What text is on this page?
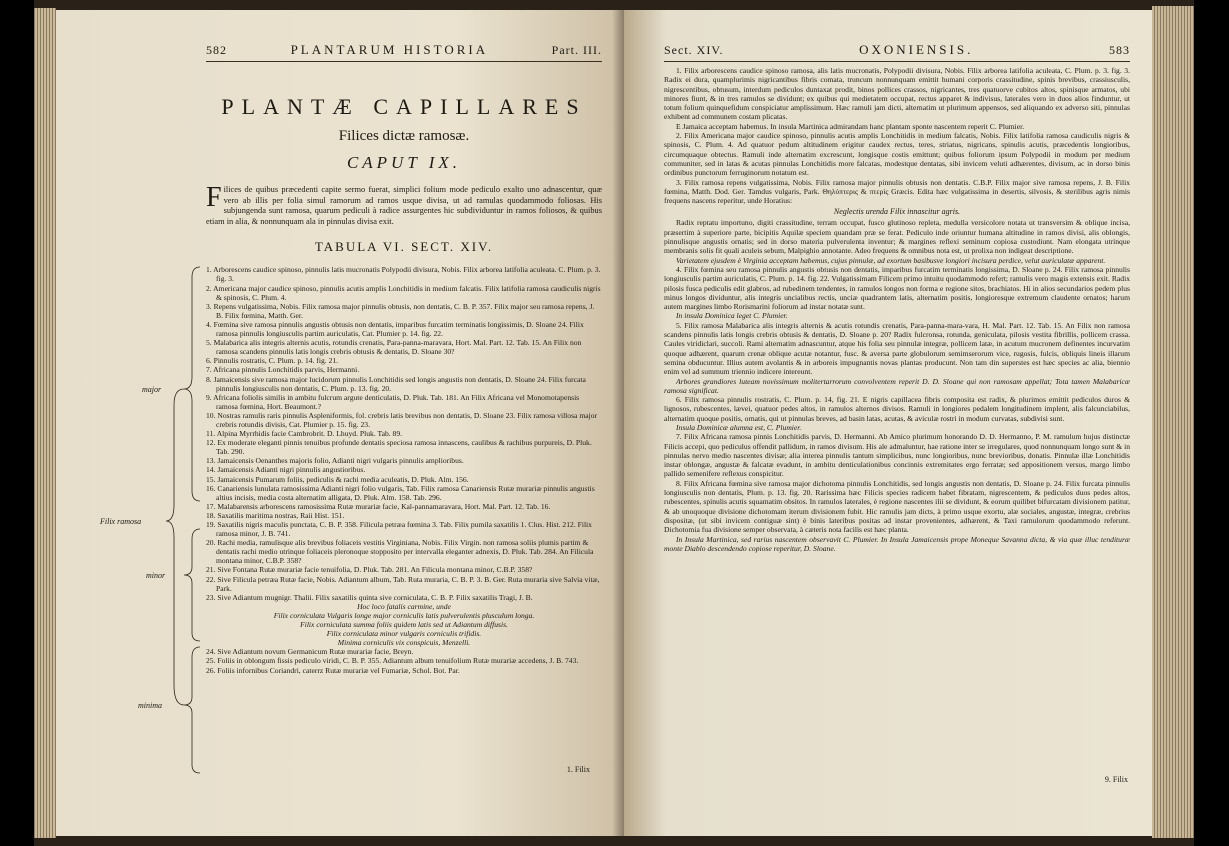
582	PLANTARUM HISTORIA	Part. III.
PLANTÆ CAPILLARES
Filices dictæ ramosæ.
CAPUT IX.
Filices de quibus præcedenti capite sermo fuerat, simplici folium mode pediculo exalto uno adnascentur, quæ vero ab illis per folia simul ramorum ad ramos usque divisa, ut ad ramulas quodammodo foliosas. His subjungenda sunt ramosa, quarum pediculi à radice assurgentes hic subdividuntur in ramos foliosos, & quibus etiam in alia, & nonnunquam ala in pinnulas divisa exit.
TABULA VI. SECT. XIV.
major
Filix ramosa
minor
minima
1. Arborescens caudice spinoso, pinnulis latis mucronatis Polypodii divisura, Nobis. Filix arborea latifolia aculeata. C. Plum. p. 3. fig. 3.
2. Americana major caudice spinoso, pinnulis acutis amplis Lonchitidis in medium falcatis. Filix latifolia ramosa caudiculis nigris & spinosis, C. Plum. 4.
3. Repens vulgatissima, Nobis. Filix ramosa major pinnulis obtusis, non dentatis, C. B. P. 357. Filix major seu ramosa repens, J. B. Filix fœmina, Matth. Ger.
4. Fœmina sive ramosa pinnulis angustis obtusis non dentatis, imparibus furcatim terminatis longissimis, D. Sloane 24. Filix ramosa pinnulis longiusculis partim auriculatis, Cat. Plumier p. 14. fig. 22.
5. Malabarica alis integris alternis acutis, rotundis crenatis, Para-panna-maravara, Hort. Mal. Part. 12. Tab. 15. An Filix non ramosa scandens pinnulis latis longis crebris obtusis & dentatis, D. Sloane 30?
6. Pinnulis rostratis, C. Plum. p. 14. fig. 21.
7. Africana pinnulis Lonchitidis parvis, Hermanni.
8. Jamaicensis sive ramosa major lucidorum pinnulis Lonchitidis sed longis angustis non dentatis, D. Sloane 24. Filix furcata pinnulis longiusculis non dentatis, C. Plum. p. 13. fig. 20.
9. Africana foliolis similis in ambitu fulcrum argute denticulatis, D. Pluk. Tab. 181. An Filix Africana vel Monomotapensis ramosa fœmina, Hort. Beaumont.?
10. Nostras ramulis raris pinnulis Aspleniformis, fol. crebris latis brevibus non dentatis, D. Sloane 23. Filix ramosa villosa major crebris rotundis divisis, Cat. Plumier p. 15. fig. 23.
11. Alpina Myrrhidis facie Cambrobrit. D. Lhuyd. Pluk. Tab. 89.
12. Ex moderate eleganti pinnis tenuibus profunde dentatis speciosa ramosa innascens, caulibus & rachibus purpureis, D. Pluk. Tab. 290.
13. Jamaicensis Oenanthes majoris folio, Adianti nigri vulgaris pinnulis amplioribus.
14. Jamaicensis Adianti nigri pinnulis angustioribus.
15. Jamaicensis Pumarum foliis, pediculis & rachi media aculeatis, D. Pluk. Alm. 156.
16. Canariensis lunulata ramosissima Adianti nigri folio vulgaris, Tab. Filix ramosa Canariensis Rutæ murariæ pinnulis angustis altius incisis, media costa alternatim alligata, D. Pluk. Alm. 158. Tab. 296.
17. Malabarensis arborescens ramosissima Rutæ murariæ facie, Kal-pannamaravara, Hort. Mal. Part. 12. Tab. 16.
18. Saxatilis maritima nostras, Raii Hist. 151.
19. Saxatilis nigris maculis punctata, C. B. P. 358. Filicula petræa fœmina 3. Tab. Filix pumila saxatilis 1. Clus. Hist. 212. Filix ramosa minor, J. B. 741.
20. Rachi media, ramulisque alis brevibus foliaceis vestitis Virginiana, Nobis. Filix Virgin. non ramosa soliis plumis partim & dentatis rachi medio utrinque foliaceis pleronoque stopposito per intervalla eleganter adnexis, D. Pluk. Tab. 284. An Filicula montana minor, C.B.P. 358?
21. Sive Fontana Rutæ murariæ facie tenuifolia, D. Pluk. Tab. 281. An Filicula montana minor, C.B.P. 358?
22. Sive Filicula petræa Rutæ facie, Nobis. Adiantum album, Tab. Ruta muraria, C. B. P. 3. B. Ger. Ruta muraria sive Salvia vitæ, Park.
23. Sive Adiantum mugnigr. Thalii. Filix saxatilis quinta sive corniculata, C. B. P. Filix saxatilis Tragi, J. B.
Hoc loco fatalis carmine, unde
Filix corniculata Vulgaris longe major corniculis latis pulverulentis plusculum longa.
Filix corniculata summa foliis quidem latis sed ut Adiantum diffusis.
Filix corniculata minor vulgaris corniculis trifidis.
Minima corniculis vix conspicuis, Menzelli.
24. Sive Adiantum novum Germanicum Rutæ murariæ facie, Breyn.
25. Foliis in oblongum fissis pediculo viridi, C. B. P. 355. Adiantum album tenuifolium Rutæ murariæ accedens, J. B. 743.
26. Foliis infornibus Coriandri, caterrz Rutæ murariæ vel Fumariæ, Schol. Bot. Par.
1. Filix
Sect. XIV.	OXONIENSIS.	583

1. Filix arborescens caudice spinoso ramosa, alis latis mucronatis, Polypodii divisura, Nobis. Filix arborea latifolia aculeata, C. Plum. p. 3. fig. 3. Radix ei dura, quamplurimis nigricantibus fibris comata, truncum nonnunquam emittit humani corporis crassitudine, spinis brevibus, crassiusculis, nigrescentibus, obtusum, interdum pediculos duntaxat prodit, binos pollices crassos, nigricantes, tres quatuorve cubitos altos, spinisque armatos, ubi minores fiunt, & in tres ramulos se dividunt; ex quibus qui medietatem occupat, rectus apparet & indivisus, laterales vero in duos alios finduntur, ut totum folium quinquefidum conspiciatur amplissimum. Hæc ramuli jam dicti, alternatim ut plurimum appensos, sed aliquando ex adverso siti, pinnulas exhibent ad communem costam plicatas.

E Jamaica acceptam habemus. In insula Martinica admirandam hanc plantam sponte nascentem reperit C. Plumier.

2. Filix Americana major caudice spinoso, pinnulis acutis amplis Lonchitidis in medium falcatis, Nobis. Filix latifolia ramosa caudiculis nigris & spinosis, C. Plum. 4. Ad quatuor pedum altitudinem erigitur caudex rectus, teres, striatus, nigricans, spinulis acutis, præcedentis longioribus, circumquaque obtectus. Ramuli inde alternatim excrescunt, longisque costis emittunt; quibus foliorum ipsum Polypodii in modum per medium communiter, sed in latas & acutas pinnulas Lonchitidis more falcatas, modestque dentatas, sibi invicem veluti adhærentes, divisum, ac in dorso binis ordinibus punctorum ferruginorum notatum est.

3. Filix ramosa repens vulgatissima, Nobis. Filix ramosa major pinnulis obtusis non dentatis. C.B.P. Filix major sive ramosa repens, J. B. Filix fœmina, Matth. Dod. Ger. Tamdus vulgaris, Park. Θηλύπτερις & πτερὶς Græcis. Edita hæc vulgatissima in desertis, silvosis, & sterilibus agris nimis frequens nascens reperitur, unde Horatius:

Neglectis urenda Filix innascitur agris.

Radix reptatu importuno, digiti crassitudine, terram occupat, fusco glutinoso repleta, medulla versicolore notata ut transversim & oblique incisa, præsertim à superiore parte, bicipitis Aquilæ speciem quandam præ se ferat. Pediculo inde oriuntur humana altitudine in ramos divisi, alis oblongis, pinnulisque angustis ornatis; sed in dorso materia pulverulenta inventur; & margines reflexi seminum copiosa custodiunt. Nam elongata utrinque membranis solis fit quali aculeis sebum, Malpighio annotante. Adeo frequens & omnibus nota est, ut prolixa non indigeat descriptione.

Varietatem ejusdem è Virginia acceptam habemus, cujus pinnulæ, ad exortum basibusve longiori incisura perdice, velut auriculatæ apparent.

4. Filix fœmina seu ramosa pinnulis angustis obtusis non dentatis, imparibus furcatim terminatis longissima, D. Sloane p. 24. Filix ramosa pinnulis longiusculis partim auriculatis, C. Plum. p. 14. fig. 22. Vulgatissimam Filicem primo intuitu quodammodo refert; ramulis vero magis extensis exit. Radix pilosis fusca pediculis edit glabros, ad rubedinem tendentes, in ramulos longos non forma e regione sitos, brachiatos. Hi in alios secundarios pedem plus minus longos dividuntur, alis integris uncialibus rectis, unciæ quadrantem latis, alternatim positis, longioresque extremum claudente ornatos; harum autem margines limbo Rorismarini foliorum ad instar notatæ sunt.

In insula Dominica leget C. Plumier.

5. Filix ramosa Malabarica alis integris alternis & acutis rotundis crenatis, Para-panna-mara-vara, H. Mal. Part. 12. Tab. 15. An Filix non ramosa scandens pinnulis latis longis crebris obtusis & dentatis, D. Sloane p. 20? Radix fulcronsa, rotunda, geniculata, pilosis vestita fibrillis, pollicem crassa. Caules viridiclari, succoli. Rami alternatim adnascuntur, atque his folia seu pinnulæ integræ, pollicem latæ, in acutum mucronem definentes incurvatim quoque adhærent, quarum crenæ oblique acutæ notantur, fusc. & aversa parte globulorum semimserorum vice, rugosis, fulcis, obliquis lineis illarum semina obducuntur. Illius autem avolantis & in arboreis impugnantis novas plantas producunt. Non tam din superstes est hæc species ac alia, biennio enim vel ad summum triennio indicere intereunt.

Arbores grandiores luteam novissimum molitertarrorum convolventem reperit D. D. Sloane qui non ramosam appellat; Tota tamen Malabaricæ ramosa significat.

6. Filix ramosa pinnulis rostratis, C. Plum. p. 14, fig. 21. E nigris capillacea fibris composita est radix, & plurimos emittit pediculos duros & lignosos, rubescentes, lævei, quatuor pedes altos, in ramulos alternos divisos. Ramuli in longiores pedalem longitudinem implent, alis falcunciabilus, alternatim quoque positis, ornatis, qui ut pinnulas breves, ad basin latas, acutas, & aviculæ rostri in modum curvatas, subdivisi sunt.

Insula Dominicæ alumna est, C. Plumier.

7. Filix Africana ramosa pinnis Lonchitidis parvis, D. Hermanni. Ab Amico plurimum honorando D. D. Hermanno, P. M. ramulum hujus distinctæ Filicis accepi, quo pediculus offendit pallidum, in ramos divisum. His ale admaluntur, hae ratione inter se irregulares, quod nonnunquam longo sunt & in pinnulas nervo medio nascentes divisæ; alia interea pinnulis tantum simplicibus, nunc longioribus, nunc brevioribus, donatis. Pinnulæ illæ Lonchitidis instar oblongæ, angustæ & falcatæ evadunt, in ambitu denticulationibus concinnis extremitates ergo ferratæ; sed appositionem versus, margo limbo pallido semenifere reflexus conspicitur.

8. Filix Africana fœmina sive ramosa major dichotoma pinnulis Lonchitidis, sed longis angustis non dentatis, D. Sloane p. 24. Filix furcata pinnulis longiusculis non dentatis, Plum. p. 13. fig. 20. Rarissima hæc Filicis species radicem habet fibratam, nigrescentem, & pediculos duos pedes altos, rubescentes, spinulis acutis squamatim obsitos. In ramulos laterales, è regione nascentes ilii se dividunt, & eorum quilibet bifurcatam divisionem patitur, & ab unoquoque divisione dichotomam iterum divisionem fubit. Hic ramulis jam dicts, à primo usque exortu, alæ sociales, angustæ, integræ, crebrius dispositæ, (ut sibi invicem contiguæ sint) è binis lateribus positas ad instar provenientes, adhærent, & Taxi ramulorum quodammodo referunt. Dichotomia fua divisione semper observata, à cæteris nota facilis est hæc planta.

In Insula Martinica, sed rarius nascentem observavit C. Plumier. In Insula Jamaicensis prope Moneque Savanna dicta, & via quæ illuc tendituræ monte Diablo descendendo copiose reperitur, D. Sloane.

9. Filix
